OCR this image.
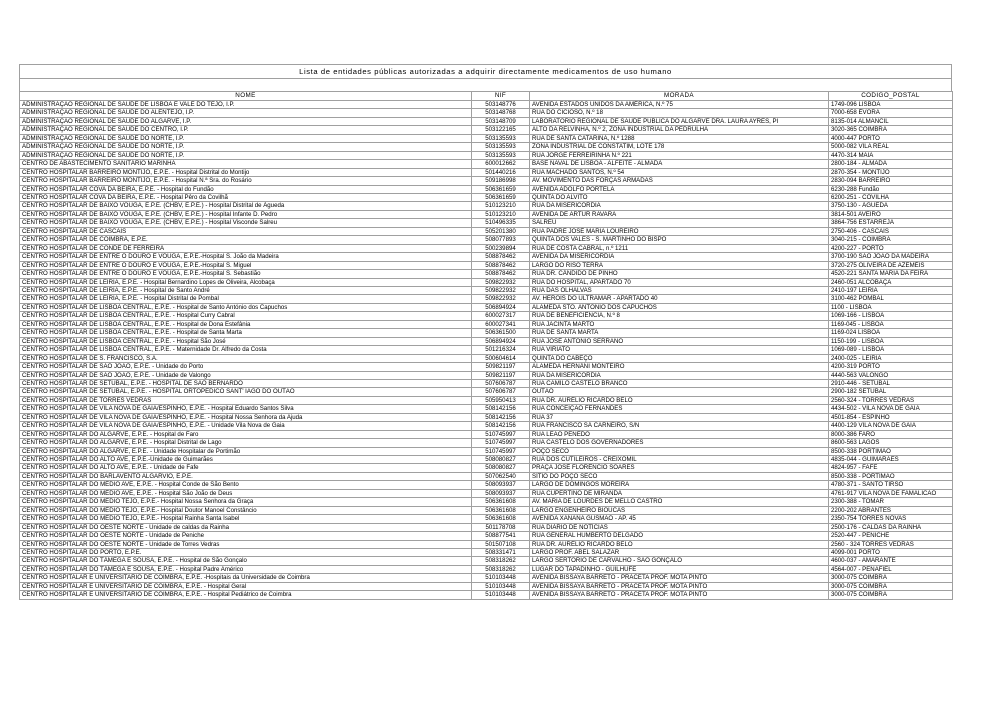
Lista de entidades públicas autorizadas a adquirir directamente medicamentos de uso humano
NOME	NIF	MORADA	CODIGO_POSTAL
ADMINISTRAÇÃO REGIONAL DE SAÚDE DE LISBOA E VALE DO TEJO, I.P.	503148776	AVENIDA ESTADOS UNIDOS DA AMÉRICA, N.º 75	1749-096 LISBOA
ADMINISTRAÇÃO REGIONAL DE SAÚDE DO ALENTEJO, I.P.	503148768	RUA DO CICIOSO, N.º 18	7000-658 ÉVORA
ADMINISTRAÇÃO REGIONAL DE SAÚDE DO ALGARVE, I.P.	503148709	LABORATÓRIO REGIONAL DE SAÚDE PÚBLICA DO ALGARVE DRA. LAURA AYRES, PI	8135-014 ALMANCIL
ADMINISTRAÇÃO REGIONAL DE SAÚDE DO CENTRO, I.P.	503122165	ALTO DA RELVINHA, N.º 2, ZONA INDUSTRIAL DA PEDRULHA	3020-365 COIMBRA
ADMINISTRAÇÃO REGIONAL DE SAÚDE DO NORTE, I.P.	503135593	RUA DE SANTA CATARINA, N.º 1288	4000-447 PORTO
ADMINISTRAÇÃO REGIONAL DE SAÚDE DO NORTE, I.P.	503135593	ZONA INDUSTRIAL DE CONSTATIM, LOTE 178	5000-082 VILA REAL
ADMINISTRAÇÃO REGIONAL DE SAÚDE DO NORTE, I.P.	503135593	RUA JORGE FERREIRINHA N.º 221	4470-314 MAIA
CENTRO DE ABASTECIMENTO SANITÁRIO MARINHA	600012662	BASE NAVAL DE LISBOA - ALFEITE - ALMADA	2800-184 - ALMADA
CENTRO HOSPITALAR BARREIRO MONTIJO, E.P.E. - Hospital Distrital do Montijo	501440216	RUA MACHADO SANTOS, N.º 54	2870-354 - MONTIJO
CENTRO HOSPITALAR BARREIRO MONTIJO, E.P.E. - Hospital N.ª Sra. do Rosário	509186998	AV. MOVIMENTO DAS FORÇAS ARMADAS	2830-094 BARREIRO
CENTRO HOSPITALAR COVA DA BEIRA, E.P.E. - Hospital do Fundão	506361659	AVENIDA ADOLFO PORTELA	6230-288 Fundão
CENTRO HOSPITALAR COVA DA BEIRA, E.P.E. - Hospital Pêro da Covilhã	506361659	QUINTA DO ALVITO	6200-251 - COVILHÃ
CENTRO HOSPITALAR DE BAIXO VOUGA, E.P.E. (CHBV, E.P.E.) - Hospital Distrital de Águeda	510123210	RUA DA MISERICÓRDIA	3750-130 - ÁGUEDA
CENTRO HOSPITALAR DE BAIXO VOUGA, E.P.E. (CHBV, E.P.E.) - Hospital Infante D. Pedro	510123210	AVENIDA DE ARTUR RAVARA	3814-501 AVEIRO
CENTRO HOSPITALAR DE BAIXO VOUGA, E.P.E. (CHBV, E.P.E.) - Hospital Visconde Salreu	510496335	SALREU	3864-756 ESTARREJA
CENTRO HOSPITALAR DE CASCAIS	505201380	RUA PADRE JOSÉ MARIA LOUREIRO	2750-406 - CASCAIS
CENTRO HOSPITALAR DE COIMBRA, E.P.E.	508077893	QUINTA DOS VALES - S. MARTINHO DO BISPO	3040-215 - COIMBRA
CENTRO HOSPITALAR DE CONDE DE FERREIRA	500239894	RUA DE COSTA CABRAL, n.º 1211	4200-227 - PORTO
CENTRO HOSPITALAR DE ENTRE O DOURO E VOUGA, E.P.E.-Hospital S. João da Madeira	508878462	AVENIDA DA MISERICÓRDIA	3700-190 SÃO JOÃO DA MADEIRA
CENTRO HOSPITALAR DE ENTRE O DOURO E VOUGA, E.P.E.-Hospital S. Miguel	508878462	LARGO DO RISO TERRA	3720-275 OLIVEIRA DE AZEMÉIS
CENTRO HOSPITALAR DE ENTRE O DOURO E VOUGA, E.P.E.-Hospital S. Sebastião	508878462	RUA DR. CÂNDIDO DE PINHO	4520-221 SANTA MARIA DA FEIRA
CENTRO HOSPITALAR DE LEIRIA, E.P.E. - Hospital Bernardino Lopes de Oliveira, Alcobaça	509822932	RUA DO HOSPITAL, APARTADO 70	2460-051 ALCOBAÇA
CENTRO HOSPITALAR DE LEIRIA, E.P.E. - Hospital de Santo André	509822932	RUA DAS OLHALVAS	2410-197 LEIRIA
CENTRO HOSPITALAR DE LEIRIA, E.P.E. - Hospital Distrital de Pombal	509822932	AV. HERÓIS DO ULTRAMAR - APARTADO 40	3100-462 POMBAL
CENTRO HOSPITALAR DE LISBOA CENTRAL, E.P.E. - Hospital de Santo António dos Capuchos	506894924	ALAMEDA STO. ANTÓNIO DOS CAPUCHOS	1100 - LISBOA
CENTRO HOSPITALAR DE LISBOA CENTRAL, E.P.E. - Hospital Curry Cabral	600027317	RUA DE BENEFICIÊNCIA, N.º 8	1069-166 - LISBOA
CENTRO HOSPITALAR DE LISBOA CENTRAL, E.P.E. - Hospital de Dona Estefânia	600027341	RUA JACINTA MARTO	1169-045 - LISBOA
CENTRO HOSPITALAR DE LISBOA CENTRAL, E.P.E. - Hospital de Santa Marta	506361500	RUA DE SANTA MARTA	1169-024 LISBOA
CENTRO HOSPITALAR DE LISBOA CENTRAL, E.P.E. - Hospital São José	506894924	RUA JOSÉ ANTÓNIO SERRANO	1150-199 - LISBOA
CENTRO HOSPITALAR DE LISBOA CENTRAL, E.P.E. - Maternidade Dr. Alfredo da Costa	501216324	RUA VIRIATO	1069-089 - LISBOA
CENTRO HOSPITALAR DE S. FRANCISCO, S.A.	500604614	QUINTA DO CABEÇO	2400-025 - LEIRIA
CENTRO HOSPITALAR DE SÃO JOÃO, E.P.E. - Unidade do Porto	509821197	ALAMEDA HERNÂNI MONTEIRO	4200-319 PORTO
CENTRO HOSPITALAR DE SÃO JOÃO, E.P.E. - Unidade de Valongo	509821197	RUA DA MISERICÓRDIA	4440-563 VALONGO
CENTRO HOSPITALAR DE SETÚBAL, E.P.E. - HOSPITAL DE SÃO BERNARDO	507606787	RUA CAMILO CASTELO BRANCO	2910-446 - SETÚBAL
CENTRO HOSPITALAR DE SETÚBAL, E.P.E. - HOSPITAL ORTOPÉDICO SANT' IAGO DO OUTÃO	507606787	OUTÃO	2900-182 SETÚBAL
CENTRO HOSPITALAR DE TORRES VEDRAS	505950413	RUA DR. AURÉLIO RICARDO BELO	2560-324 - TORRES VEDRAS
CENTRO HOSPITALAR DE VILA NOVA DE GAIA/ESPINHO, E.P.E. - Hospital Eduardo Santos Silva	508142156	RUA CONCEIÇÃO FERNANDES	4434-502 - VILA NOVA DE GAIA
CENTRO HOSPITALAR DE VILA NOVA DE GAIA/ESPINHO, E.P.E. - Hospital Nossa Senhora da Ajuda	508142156	RUA 37	4501-854 - ESPINHO
CENTRO HOSPITALAR DE VILA NOVA DE GAIA/ESPINHO, E.P.E. - Unidade Vila Nova de Gaia	508142156	RUA FRANCISCO SÁ CARNEIRO, S/N	4400-129 VILA NOVA DE GAIA
CENTRO HOSPITALAR DO ALGARVE, E.P.E. - Hospital de Faro	510745997	RUA LEÃO PENEDO	8000-386 FARO
CENTRO HOSPITALAR DO ALGARVE, E.P.E. - Hospital Distrital de Lago	510745997	RUA CASTELO DOS GOVERNADORES	8600-563 LAGOS
CENTRO HOSPITALAR DO ALGARVE, E.P.E. - Unidade Hospitalar de Portimão	510745997	POÇO SECO	8500-338 PORTIMÃO
CENTRO HOSPITALAR DO ALTO AVE, E.P.E.-Unidade de Guimarães	508080827	RUA DOS CUTILEIROS - CREIXOMIL	4835-044 - GUIMARÃES
CENTRO HOSPITALAR DO ALTO AVE, E.P.E. - Unidade de Fafe	508080827	PRAÇA JOSÉ FLORÊNCIO SOARES	4824-957 - FAFE
CENTRO HOSPITALAR DO BARLAVENTO ALGARVIO, E.P.E.	507062540	SÍTIO DO POÇO SECO	8500-338 - PORTIMÃO
CENTRO HOSPITALAR DO MÉDIO AVE, E.P.E. - Hospital Conde de São Bento	508093937	LARGO DE DOMINGOS MOREIRA	4780-371 - SANTO TIRSO
CENTRO HOSPITALAR DO MÉDIO AVE, E.P.E. - Hospital São João de Deus	508093937	RUA CUPERTINO DE MIRANDA	4761-917 VILA NOVA DE FAMALICÃO
CENTRO HOSPITALAR DO MÉDIO TEJO, E.P.E.- Hospital Nossa Senhora da Graça	506361608	AV. MARIA DE LOURDES DE MELLO CASTRO	2300-388 - TOMAR
CENTRO HOSPITALAR DO MÉDIO TEJO, E.P.E.- Hospital Doutor Manoel Constâncio	506361608	LARGO ENGENHEIRO BIOUCAS	2200-202 ABRANTES
CENTRO HOSPITALAR DO MÉDIO TEJO, E.P.E.- Hospital Rainha Santa Isabel	506361608	AVENIDA XANANA GUSMÃO - AP. 45	2350-754 TORRES NOVAS
CENTRO HOSPITALAR DO OESTE NORTE - Unidade de caldas da Rainha	501178708	RUA DIÁRIO DE NOTÍCIAS	2500-176 - CALDAS DA RAINHA
CENTRO HOSPITALAR DO OESTE NORTE - Unidade de Peniche	508877541	RUA GENERAL HUMBERTO DELGADO	2520-447 - PENICHE
CENTRO HOSPITALAR DO OESTE NORTE - Unidade de Torres Vedras	501507108	RUA DR. AURÉLIO RICARDO BELO	2560 - 324 TORRES VEDRAS
CENTRO HOSPITALAR DO PORTO, E.P.E.	508331471	LARGO PROF. ABEL SALAZAR	4099-001 PORTO
CENTRO HOSPITALAR DO TÂMEGA E SOUSA, E.P.E. - Hospital de São Gonçalo	508318262	LARGO SERTÓRIO DE CARVALHO - SÃO GONÇALO	4600-037 - AMARANTE
CENTRO HOSPITALAR DO TÂMEGA E SOUSA, E.P.E. - Hospital Padre Américo	508318262	LUGAR DO TAPADINHO - GUILHUFE	4564-007 - PENAFIEL
CENTRO HOSPITALAR E UNIVERSITARIO DE COIMBRA, E.P.E. -Hospitais da Universidade de Coimbra	510103448	AVENIDA BISSAYA BARRETO - PRACETA PROF. MOTA PINTO	3000-075 COIMBRA
CENTRO HOSPITALAR E UNIVERSITARIO DE COIMBRA, E.P.E. - Hospital Geral	510103448	AVENIDA BISSAYA BARRETO - PRACETA PROF. MOTA PINTO	3000-075 COIMBRA
CENTRO HOSPITALAR E UNIVERSITARIO DE COIMBRA, E.P.E. - Hospital Pediátrico de Coimbra	510103448	AVENIDA BISSAYA BARRETO - PRACETA PROF. MOTA PINTO	3000-075 COIMBRA
